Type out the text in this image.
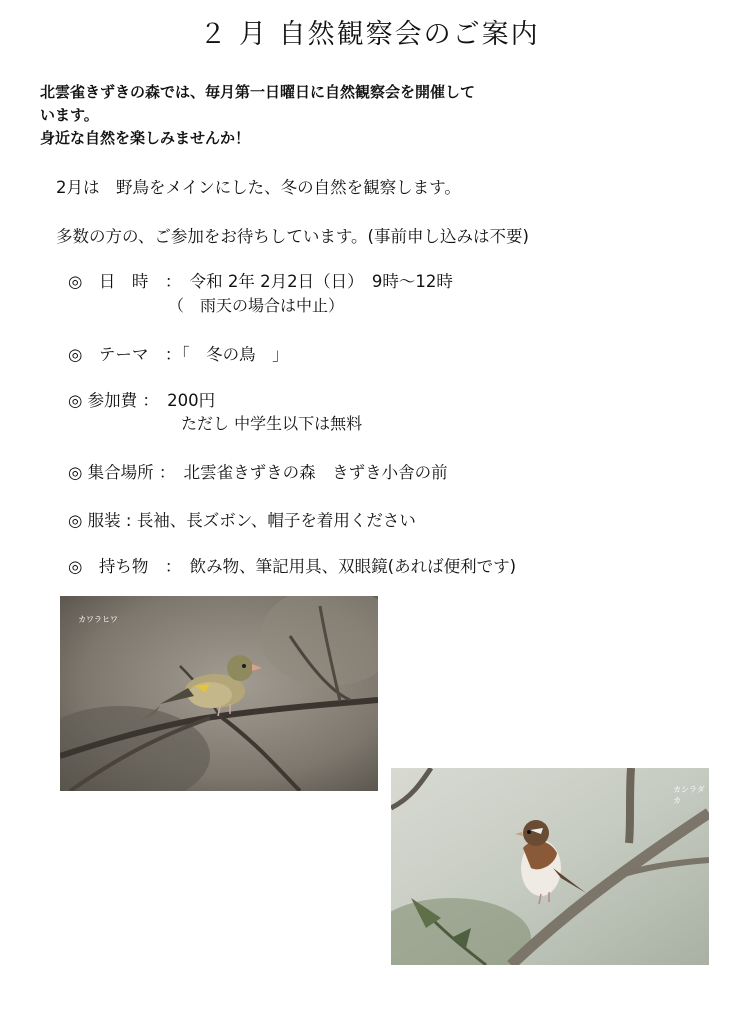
２ 月 自然観察会のご案内
北雲雀きずきの森では、毎月第一日曜日に自然観察会を開催して
います。
身近な自然を楽しみませんか！
2月は　野鳥をメインにした、冬の自然を観察します。
多数の方の、ご参加をお待ちしています。(事前申し込みは不要)
◎　日　時　：　令和 2年 2月2日（日）　9時～12時
（　雨天の場合は中止）
◎　テーマ　：「　冬の鳥　」
◎ 参加費 ：　200円
ただし 中学生以下は無料
◎ 集合場所 ：　北雲雀きずきの森　きずき小舎の前
◎ 服装 : 長袖、長ズボン、帽子を着用ください
◎　持ち物　：　飲み物、筆記用具、双眼鏡(あれば便利です)
カワラヒワ
カシラダカ
